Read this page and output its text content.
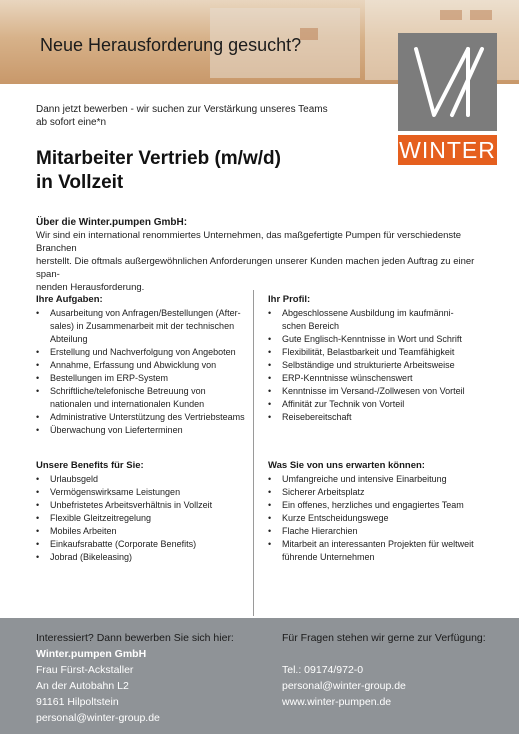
Neue Herausforderung gesucht?
WINTER
Dann jetzt bewerben - wir suchen zur Verstärkung unseres Teams
ab sofort eine*n
Mitarbeiter Vertrieb (m/w/d)
in Vollzeit
Über die Winter.pumpen GmbH:
Wir sind ein international renommiertes Unternehmen, das maßgefertigte Pumpen für verschiedenste Branchen
herstellt. Die oftmals außergewöhnlichen Anforderungen unserer Kunden machen jeden Auftrag zu einer span-
nenden Herausforderung.
Ihre Aufgaben:
• Ausarbeitung von Anfragen/Bestellungen (After-
sales) in Zusammenarbeit mit der technischen
Abteilung
• Erstellung und Nachverfolgung von Angeboten
• Annahme, Erfassung und Abwicklung von
• Bestellungen im ERP-System
• Schriftliche/telefonische Betreuung von
nationalen und internationalen Kunden
• Administrative Unterstützung des Vertriebsteams
• Überwachung von Lieferterminen
Ihr Profil:
• Abgeschlossene Ausbildung im kaufmänni-
schen Bereich
• Gute Englisch-Kenntnisse in Wort und Schrift
• Flexibilität, Belastbarkeit und Teamfähigkeit
• Selbständige und strukturierte Arbeitsweise
• ERP-Kenntnisse wünschenswert
• Kenntnisse im Versand-/Zollwesen von Vorteil
• Affinität zur Technik von Vorteil
• Reisebereitschaft
Unsere Benefits für Sie:
• Urlaubsgeld
• Vermögenswirksame Leistungen
• Unbefristetes Arbeitsverhältnis in Vollzeit
• Flexible Gleitzeitregelung
• Mobiles Arbeiten
• Einkaufsrabatte (Corporate Benefits)
• Jobrad (Bikeleasing)
Was Sie von uns erwarten können:
• Umfangreiche und intensive Einarbeitung
• Sicherer Arbeitsplatz
• Ein offenes, herzliches und engagiertes Team
• Kurze Entscheidungswege
• Flache Hierarchien
• Mitarbeit an interessanten Projekten für weltweit
führende Unternehmen
Interessiert? Dann bewerben Sie sich hier:
Winter.pumpen GmbH
Frau Fürst-Ackstaller
An der Autobahn L2
91161 Hilpoltstein
personal@winter-group.de
Für Fragen stehen wir gerne zur Verfügung:
Tel.: 09174/972-0
personal@winter-group.de
www.winter-pumpen.de
